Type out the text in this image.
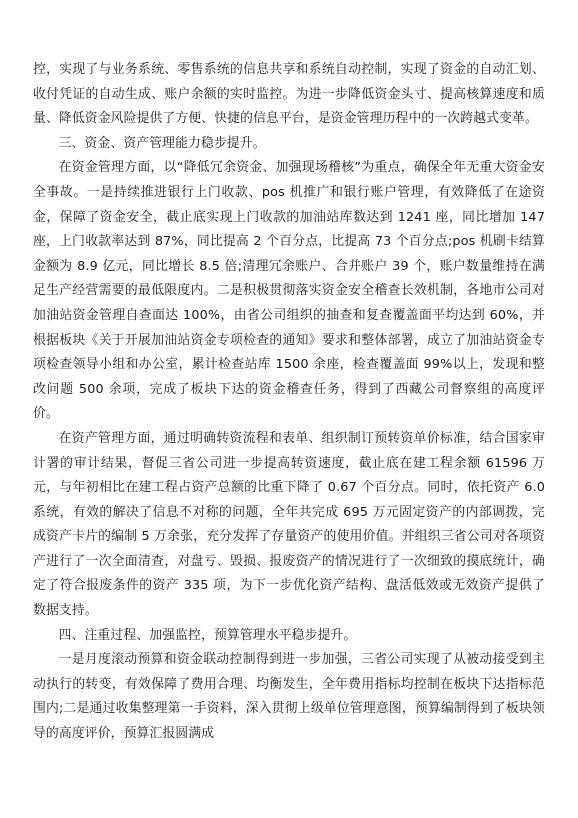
控，实现了与业务系统、零售系统的信息共享和系统自动控制，实现了资金的自动汇划、收付凭证的自动生成、账户余额的实时监控。为进一步降低资金头寸、提高核算速度和质量、降低资金风险提供了方便、快捷的信息平台，是资金管理历程中的一次跨越式变革。

三、资金、资产管理能力稳步提升。

在资金管理方面，以“降低冗余资金、加强现场稽核”为重点，确保全年无重大资金安全事故。一是持续推进银行上门收款、pos 机推广和银行账户管理，有效降低了在途资金，保障了资金安全，截止底实现上门收款的加油站库数达到 1241 座，同比增加 147 座，上门收款率达到 87%，同比提高 2 个百分点，比提高 73 个百分点;pos 机刷卡结算金额为 8.9 亿元，同比增长 8.5 倍;清理冗余账户、合并账户 39 个，账户数量维持在满足生产经营需要的最低限度内。二是积极贯彻落实资金安全稽查长效机制，各地市公司对加油站资金管理自查面达 100%，由省公司组织的抽查和复查覆盖面平均达到 60%，并根据板块《关于开展加油站资金专项检查的通知》要求和整体部署，成立了加油站资金专项检查领导小组和办公室，累计检查站库 1500 余座，检查覆盖面 99%以上，发现和整改问题 500 余项，完成了板块下达的资金稽查任务，得到了西藏公司督察组的高度评价。

在资产管理方面，通过明确转资流程和表单、组织制订预转资单价标准，结合国家审计署的审计结果，督促三省公司进一步提高转资速度，截止底在建工程余额 61596 万元，与年初相比在建工程占资产总额的比重下降了 0.67 个百分点。同时，依托资产 6.0 系统，有效的解决了信息不对称的问题，全年共完成 695 万元固定资产的内部调拨，完成资产卡片的编制 5 万余张，充分发挥了存量资产的使用价值。并组织三省公司对各项资产进行了一次全面清查，对盘亏、毁损、报废资产的情况进行了一次细致的摸底统计，确定了符合报废条件的资产 335 项，为下一步优化资产结构、盘活低效或无效资产提供了数据支持。

四、注重过程、加强监控，预算管理水平稳步提升。

一是月度滚动预算和资金联动控制得到进一步加强，三省公司实现了从被动接受到主动执行的转变，有效保障了费用合理、均衡发生，全年费用指标均控制在板块下达指标范围内;二是通过收集整理第一手资料，深入贯彻上级单位管理意图，预算编制得到了板块领导的高度评价，预算汇报圆满成
